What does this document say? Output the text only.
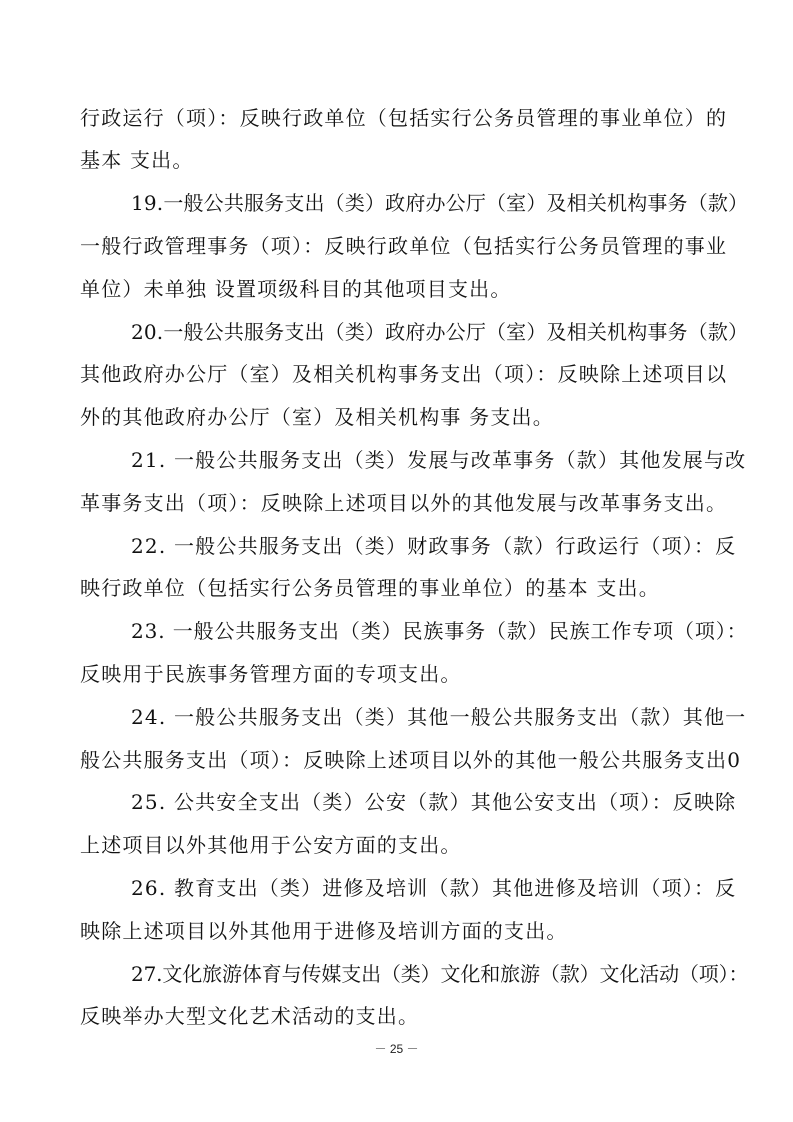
行政运行（项）：反映行政单位（包括实行公务员管理的事业单位）的
基本 支出。
19.一般公共服务支出（类）政府办公厅（室）及相关机构事务（款）
一般行政管理事务（项）：反映行政单位（包括实行公务员管理的事业
单位）未单独 设置项级科目的其他项目支出。
20.一般公共服务支出（类）政府办公厅（室）及相关机构事务（款）
其他政府办公厅（室）及相关机构事务支出（项）：反映除上述项目以
外的其他政府办公厅（室）及相关机构事 务支出。
21. 一般公共服务支出（类）发展与改革事务（款）其他发展与改
革事务支出（项）：反映除上述项目以外的其他发展与改革事务支出。
22. 一般公共服务支出（类）财政事务（款）行政运行（项）：反
映行政单位（包括实行公务员管理的事业单位）的基本 支出。
23. 一般公共服务支出（类）民族事务（款）民族工作专项（项）：
反映用于民族事务管理方面的专项支出。
24. 一般公共服务支出（类）其他一般公共服务支出（款）其他一
般公共服务支出（项）：反映除上述项目以外的其他一般公共服务支出0
25. 公共安全支出（类）公安（款）其他公安支出（项）：反映除
上述项目以外其他用于公安方面的支出。
26. 教育支出（类）进修及培训（款）其他进修及培训（项）：反
映除上述项目以外其他用于进修及培训方面的支出。
27.文化旅游体育与传媒支出（类）文化和旅游（款）文化活动（项）：
反映举办大型文化艺术活动的支出。
－ 25 －
